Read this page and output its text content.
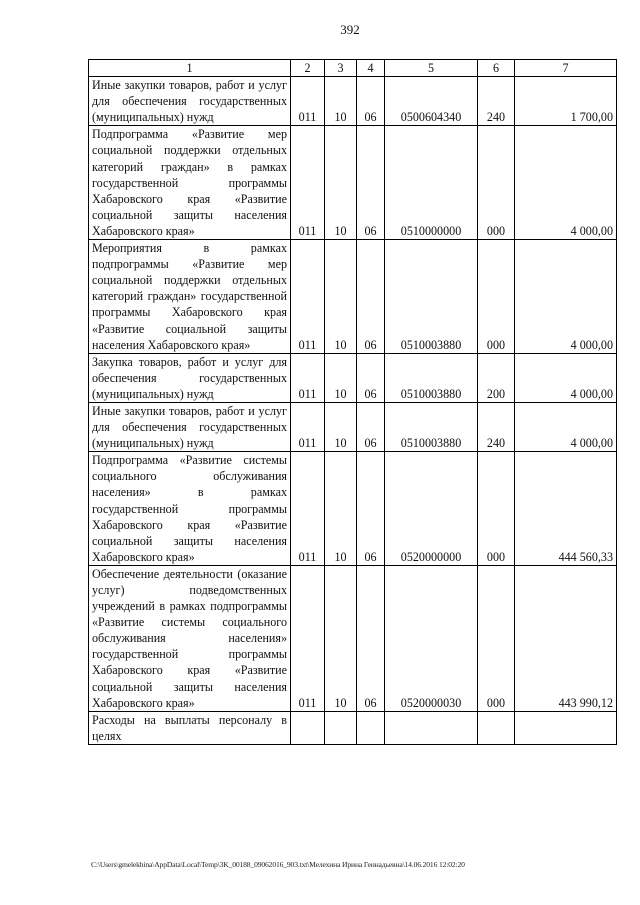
392
1	2	3	4	5	6	7
Иные закупки товаров, работ и услуг для обеспечения государственных (муниципальных) нужд	011	10	06	0500604340	240	1 700,00
Подпрограмма «Развитие мер социальной поддержки отдельных категорий граждан» в рамках государственной программы Хабаровского края «Развитие социальной защиты населения Хабаровского края»	011	10	06	0510000000	000	4 000,00
Мероприятия в рамках подпрограммы «Развитие мер социальной поддержки отдельных категорий граждан» государственной программы Хабаровского края «Развитие социальной защиты населения Хабаровского края»	011	10	06	0510003880	000	4 000,00
Закупка товаров, работ и услуг для обеспечения государственных (муниципальных) нужд	011	10	06	0510003880	200	4 000,00
Иные закупки товаров, работ и услуг для обеспечения государственных (муниципальных) нужд	011	10	06	0510003880	240	4 000,00
Подпрограмма «Развитие системы социального обслуживания населения» в рамках государственной программы Хабаровского края «Развитие социальной защиты населения Хабаровского края»	011	10	06	0520000000	000	444 560,33
Обеспечение деятельности (оказание услуг) подведомственных учреждений в рамках подпрограммы «Развитие системы социального обслуживания населения» государственной программы Хабаровского края «Развитие социальной защиты населения Хабаровского края»	011	10	06	0520000030	000	443 990,12
Расходы на выплаты персоналу в целях						
C:\Users\gmelekhina\AppData\Local\Temp\3K_00188_09062016_903.txt\Мелехина Ирина Геннадьевна\14.06.2016 12:02:20
